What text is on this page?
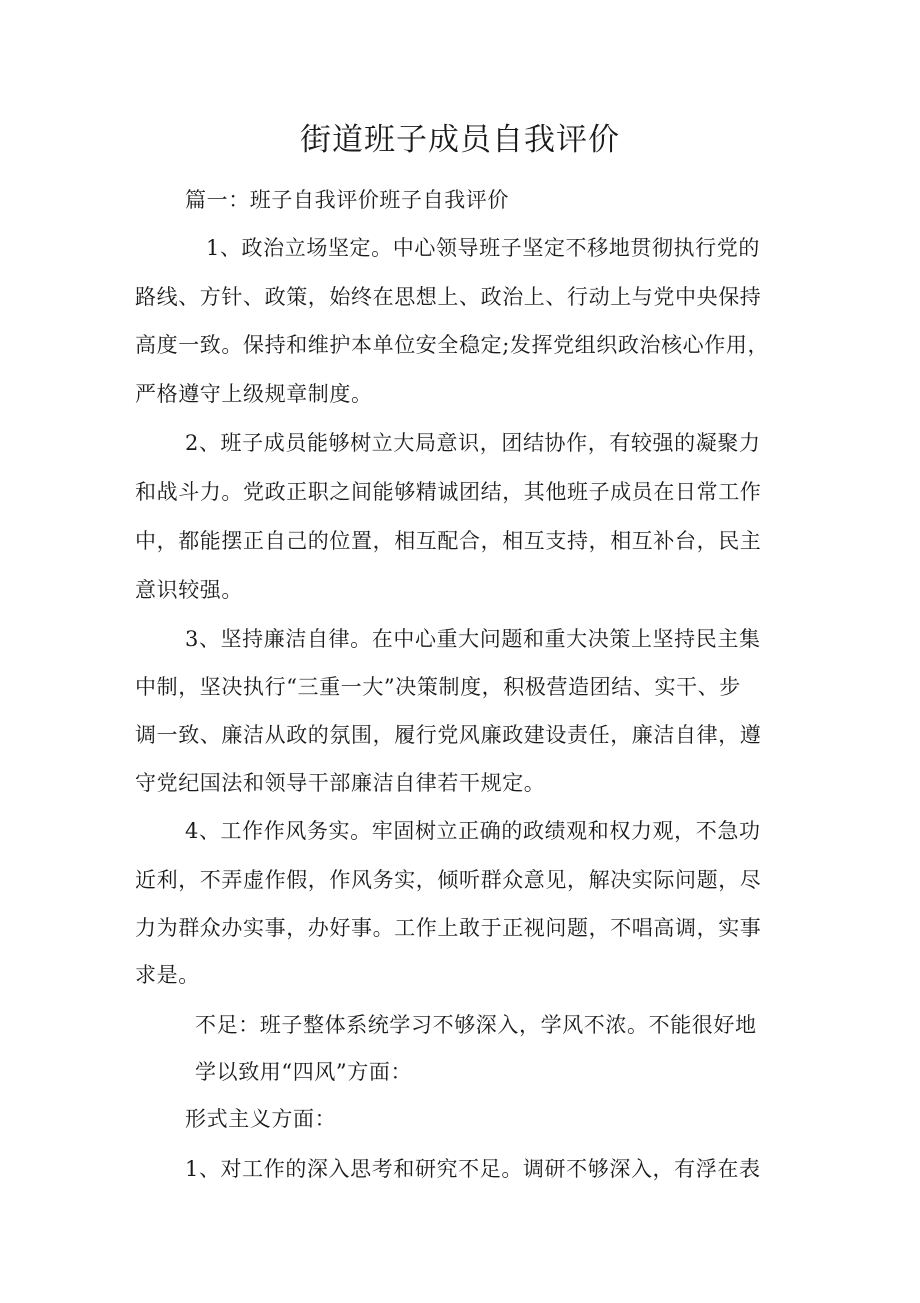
街道班子成员自我评价

篇一：班子自我评价班子自我评价

1、政治立场坚定。中心领导班子坚定不移地贯彻执行党的

路线、方针、政策，始终在思想上、政治上、行动上与党中央保持

高度一致。保持和维护本单位安全稳定;发挥党组织政治核心作用，

严格遵守上级规章制度。

2、班子成员能够树立大局意识，团结协作，有较强的凝聚力

和战斗力。党政正职之间能够精诚团结，其他班子成员在日常工作

中，都能摆正自己的位置，相互配合，相互支持，相互补台，民主

意识较强。

3、坚持廉洁自律。在中心重大问题和重大决策上坚持民主集

中制，坚决执行“三重一大”决策制度，积极营造团结、实干、步

调一致、廉洁从政的氛围，履行党风廉政建设责任，廉洁自律，遵

守党纪国法和领导干部廉洁自律若干规定。

4、工作作风务实。牢固树立正确的政绩观和权力观，不急功

近利，不弄虚作假，作风务实，倾听群众意见，解决实际问题，尽

力为群众办实事，办好事。工作上敢于正视问题，不唱高调，实事

求是。

不足：班子整体系统学习不够深入，学风不浓。不能很好地

学以致用“四风”方面：

形式主义方面：

1、对工作的深入思考和研究不足。调研不够深入，有浮在表
